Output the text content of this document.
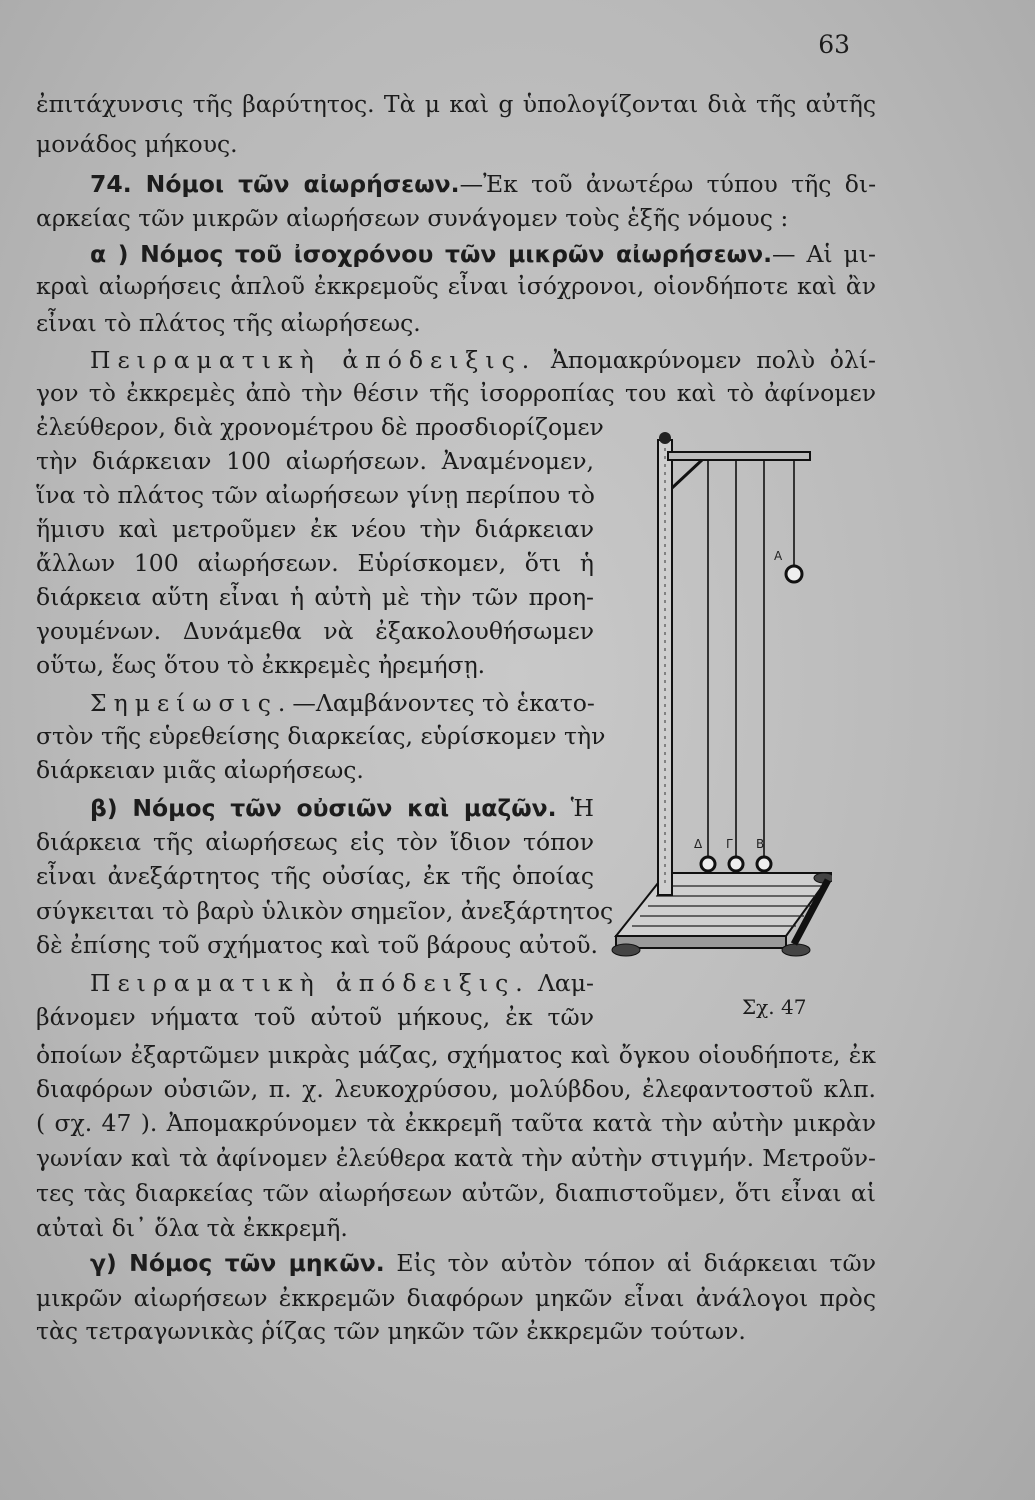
63
ἐπιτάχυνσις τῆς βαρύτητος. Τὰ μ καὶ g ὑπολογίζονται διὰ τῆς αὐτῆς
μονάδος μήκους.
74. Νόμοι τῶν αἰωρήσεων.—Ἐκ τοῦ ἀνωτέρω τύπου τῆς δι-
αρκείας τῶν μικρῶν αἰωρήσεων συνάγομεν τοὺς ἑξῆς νόμους :
α ) Νόμος τοῦ ἰσοχρόνου τῶν μικρῶν αἰωρήσεων.— Αἱ μι-
κραὶ αἰωρήσεις ἁπλοῦ ἐκκρεμοῦς εἶναι ἰσόχρονοι, οἱονδήποτε καὶ ἂν
εἶναι τὸ πλάτος τῆς αἰωρήσεως.
Πειραματικὴ ἀπόδειξις. Ἀπομακρύνομεν πολὺ ὀλί-
γον τὸ ἐκκρεμὲς ἀπὸ τὴν θέσιν τῆς ἰσορροπίας του καὶ τὸ ἀφίνομεν
ἐλεύθερον, διὰ χρονομέτρου δὲ προσδιορίζομεν
τὴν διάρκειαν 100 αἰωρήσεων. Ἀναμένομεν,
ἵνα τὸ πλάτος τῶν αἰωρήσεων γίνῃ περίπου τὸ
ἥμισυ καὶ μετροῦμεν ἐκ νέου τὴν διάρκειαν
ἄλλων 100 αἰωρήσεων. Εὑρίσκομεν, ὅτι ἡ
διάρκεια αὕτη εἶναι ἡ αὐτὴ μὲ τὴν τῶν προη-
γουμένων. Δυνάμεθα νὰ ἐξακολουθήσωμεν
οὕτω, ἕως ὅτου τὸ ἐκκρεμὲς ἠρεμήσῃ.
Σημείωσις.—Λαμβάνοντες τὸ ἑκατο-
στὸν τῆς εὑρεθείσης διαρκείας, εὑρίσκομεν τὴν
διάρκειαν μιᾶς αἰωρήσεως.
β) Νόμος τῶν οὐσιῶν καὶ μαζῶν. Ἡ
διάρκεια τῆς αἰωρήσεως εἰς τὸν ἴδιον τόπον
εἶναι ἀνεξάρτητος τῆς οὐσίας, ἐκ τῆς ὁποίας
σύγκειται τὸ βαρὺ ὑλικὸν σημεῖον, ἀνεξάρτητος
δὲ ἐπίσης τοῦ σχήματος καὶ τοῦ βάρους αὐτοῦ.
Πειραματικὴ ἀπόδειξις. Λαμ-
βάνομεν νήματα τοῦ αὐτοῦ μήκους, ἐκ τῶν
ὁποίων ἐξαρτῶμεν μικρὰς μάζας, σχήματος καὶ ὄγκου οἱουδήποτε, ἐκ
διαφόρων οὐσιῶν, π. χ. λευκοχρύσου, μολύβδου, ἐλεφαντοστοῦ κλπ.
( σχ. 47 ). Ἀπομακρύνομεν τὰ ἐκκρεμῆ ταῦτα κατὰ τὴν αὐτὴν μικρὰν
γωνίαν καὶ τὰ ἀφίνομεν ἐλεύθερα κατὰ τὴν αὐτὴν στιγμήν. Μετροῦν-
τες τὰς διαρκείας τῶν αἰωρήσεων αὐτῶν, διαπιστοῦμεν, ὅτι εἶναι αἱ
αὐταὶ δι᾽ ὅλα τὰ ἐκκρεμῆ.
γ) Νόμος τῶν μηκῶν. Εἰς τὸν αὐτὸν τόπον αἱ διάρκειαι τῶν
μικρῶν αἰωρήσεων ἐκκρεμῶν διαφόρων μηκῶν εἶναι ἀνάλογοι πρὸς
τὰς τετραγωνικὰς ῥίζας τῶν μηκῶν τῶν ἐκκρεμῶν τούτων.
Α
Δ Γ Β
Σχ. 47
